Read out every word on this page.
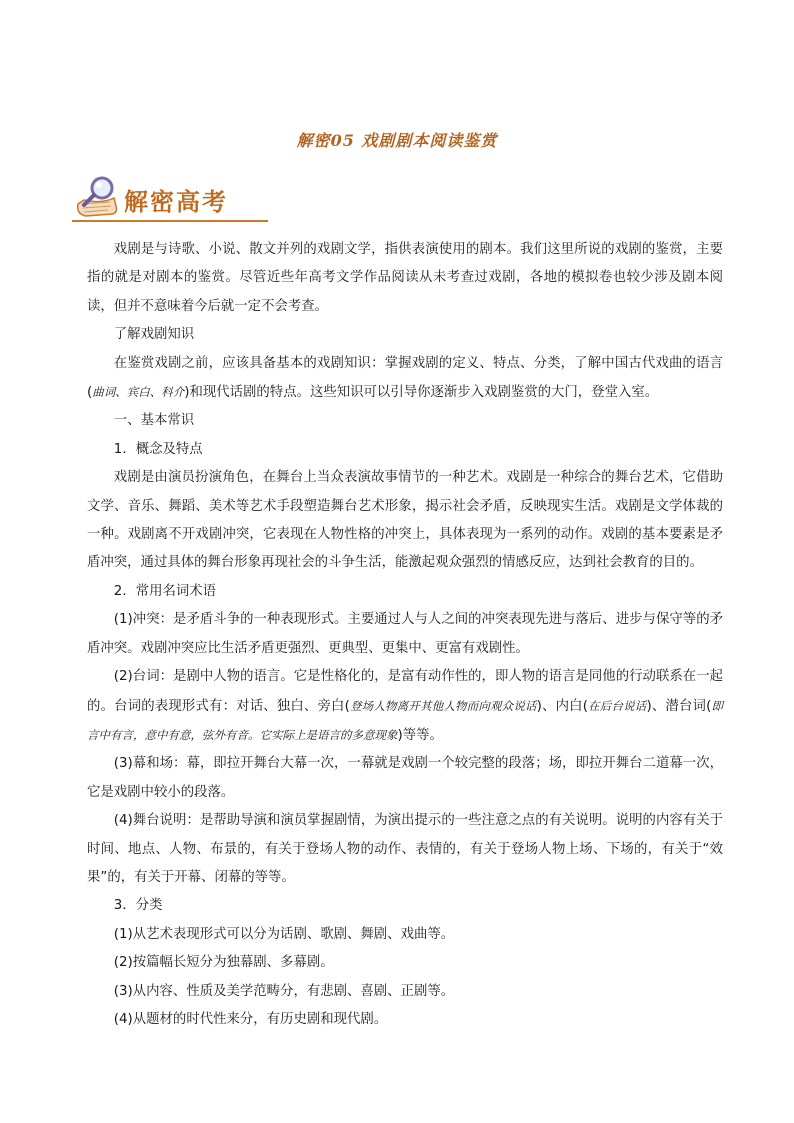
解密05 戏剧剧本阅读鉴赏
解密高考

戏剧是与诗歌、小说、散文并列的戏剧文学，指供表演使用的剧本。我们这里所说的戏剧的鉴赏，主要指的就是对剧本的鉴赏。尽管近些年高考文学作品阅读从未考查过戏剧，各地的模拟卷也较少涉及剧本阅读，但并不意味着今后就一定不会考查。

了解戏剧知识

在鉴赏戏剧之前，应该具备基本的戏剧知识：掌握戏剧的定义、特点、分类，了解中国古代戏曲的语言(曲词、宾白、科介)和现代话剧的特点。这些知识可以引导你逐渐步入戏剧鉴赏的大门，登堂入室。

一、基本常识

1．概念及特点

戏剧是由演员扮演角色，在舞台上当众表演故事情节的一种艺术。戏剧是一种综合的舞台艺术，它借助文学、音乐、舞蹈、美术等艺术手段塑造舞台艺术形象，揭示社会矛盾，反映现实生活。戏剧是文学体裁的一种。戏剧离不开戏剧冲突，它表现在人物性格的冲突上，具体表现为一系列的动作。戏剧的基本要素是矛盾冲突，通过具体的舞台形象再现社会的斗争生活，能激起观众强烈的情感反应，达到社会教育的目的。

2．常用名词术语

(1)冲突：是矛盾斗争的一种表现形式。主要通过人与人之间的冲突表现先进与落后、进步与保守等的矛盾冲突。戏剧冲突应比生活矛盾更强烈、更典型、更集中、更富有戏剧性。

(2)台词：是剧中人物的语言。它是性格化的，是富有动作性的，即人物的语言是同他的行动联系在一起的。台词的表现形式有：对话、独白、旁白(登场人物离开其他人物而向观众说话)、内白(在后台说话)、潜台词(即言中有言，意中有意，弦外有音。它实际上是语言的多意现象)等等。

(3)幕和场：幕，即拉开舞台大幕一次，一幕就是戏剧一个较完整的段落；场，即拉开舞台二道幕一次，它是戏剧中较小的段落。

(4)舞台说明：是帮助导演和演员掌握剧情，为演出提示的一些注意之点的有关说明。说明的内容有关于时间、地点、人物、布景的，有关于登场人物的动作、表情的，有关于登场人物上场、下场的，有关于“效果”的，有关于开幕、闭幕的等等。

3．分类

(1)从艺术表现形式可以分为话剧、歌剧、舞剧、戏曲等。

(2)按篇幅长短分为独幕剧、多幕剧。

(3)从内容、性质及美学范畴分，有悲剧、喜剧、正剧等。

(4)从题材的时代性来分，有历史剧和现代剧。
